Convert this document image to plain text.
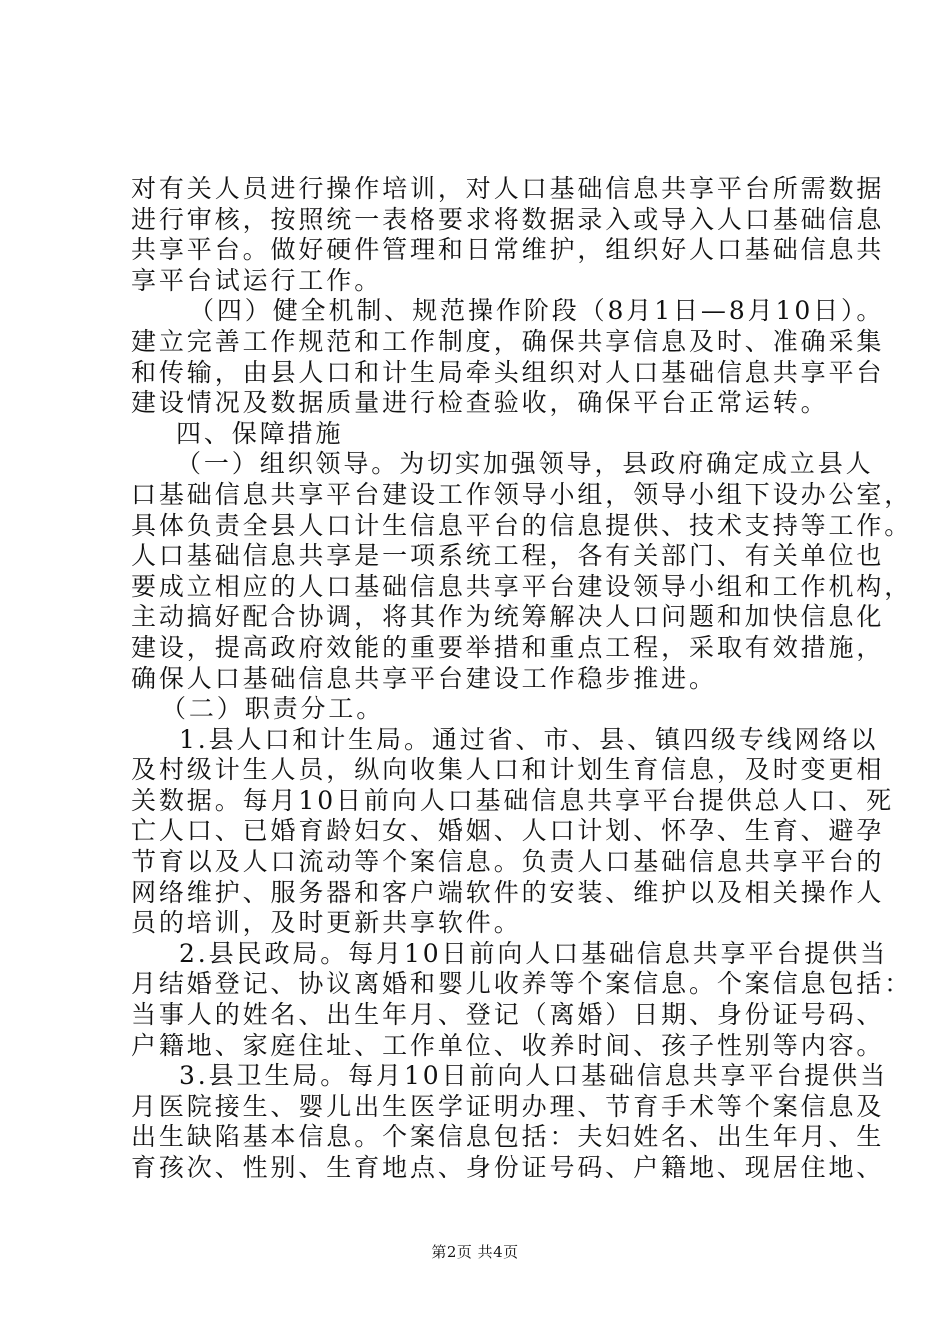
对有关人员进行操作培训，对人口基础信息共享平台所需数据
进行审核，按照统一表格要求将数据录入或导入人口基础信息
共享平台。做好硬件管理和日常维护，组织好人口基础信息共
享平台试运行工作。
（四）健全机制、规范操作阶段（8月1日—8月10日）。
建立完善工作规范和工作制度，确保共享信息及时、准确采集
和传输，由县人口和计生局牵头组织对人口基础信息共享平台
建设情况及数据质量进行检查验收，确保平台正常运转。
四、保障措施
（一）组织领导。为切实加强领导，县政府确定成立县人
口基础信息共享平台建设工作领导小组，领导小组下设办公室，
具体负责全县人口计生信息平台的信息提供、技术支持等工作。
人口基础信息共享是一项系统工程，各有关部门、有关单位也
要成立相应的人口基础信息共享平台建设领导小组和工作机构，
主动搞好配合协调，将其作为统筹解决人口问题和加快信息化
建设，提高政府效能的重要举措和重点工程，采取有效措施，
确保人口基础信息共享平台建设工作稳步推进。
（二）职责分工。
1.县人口和计生局。通过省、市、县、镇四级专线网络以
及村级计生人员，纵向收集人口和计划生育信息，及时变更相
关数据。每月10日前向人口基础信息共享平台提供总人口、死
亡人口、已婚育龄妇女、婚姻、人口计划、怀孕、生育、避孕
节育以及人口流动等个案信息。负责人口基础信息共享平台的
网络维护、服务器和客户端软件的安装、维护以及相关操作人
员的培训，及时更新共享软件。
2.县民政局。每月10日前向人口基础信息共享平台提供当
月结婚登记、协议离婚和婴儿收养等个案信息。个案信息包括：
当事人的姓名、出生年月、登记（离婚）日期、身份证号码、
户籍地、家庭住址、工作单位、收养时间、孩子性别等内容。
3.县卫生局。每月10日前向人口基础信息共享平台提供当
月医院接生、婴儿出生医学证明办理、节育手术等个案信息及
出生缺陷基本信息。个案信息包括：夫妇姓名、出生年月、生
育孩次、性别、生育地点、身份证号码、户籍地、现居住地、
第2页 共4页
